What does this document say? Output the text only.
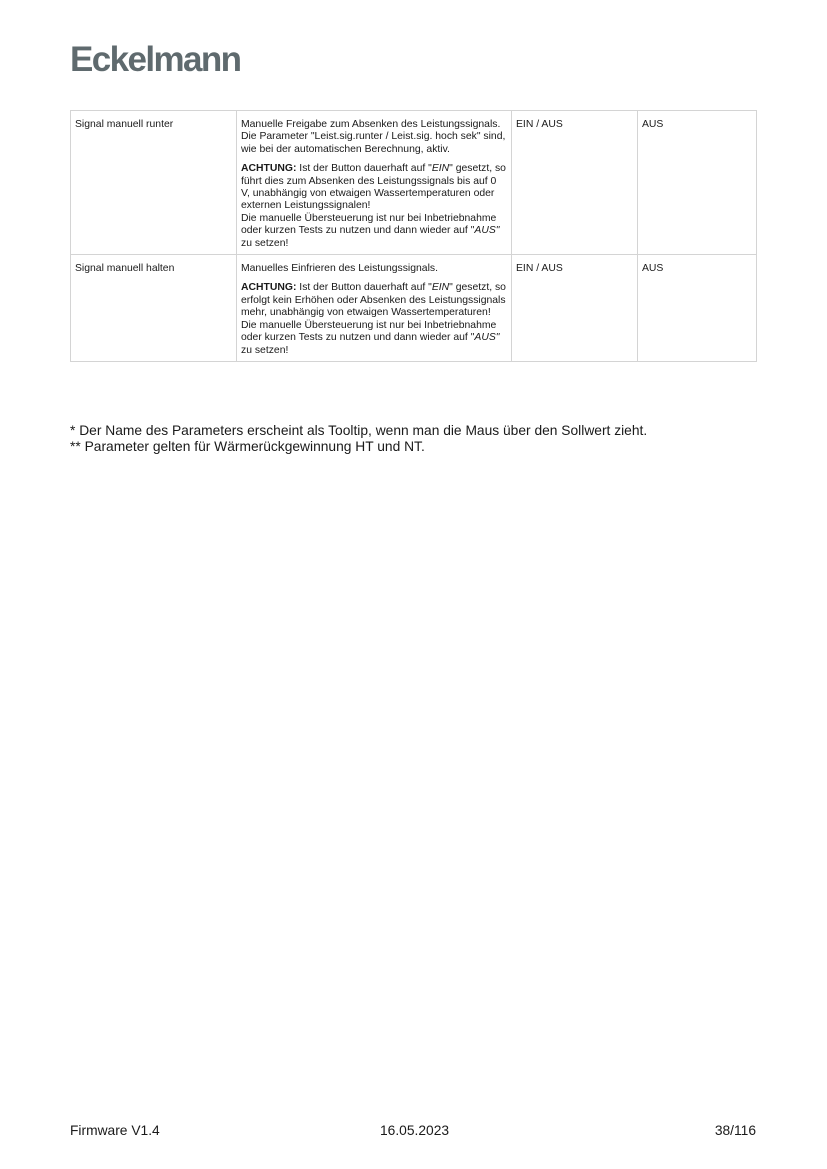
Eckelmann
Signal manuell runter	Manuelle Freigabe zum Absenken des Leistungssignals. Die Parameter "Leist.sig.runter / Leist.sig. hoch sek" sind, wie bei der automatischen Berechnung, aktiv.

ACHTUNG: Ist der Button dauerhaft auf "EIN" gesetzt, so führt dies zum Absenken des Leistungssignals bis auf 0 V, unabhängig von etwaigen Wassertemperaturen oder externen Leistungssignalen!
Die manuelle Übersteuerung ist nur bei Inbetriebnahme oder kurzen Tests zu nutzen und dann wieder auf "AUS" zu setzen!	EIN / AUS	AUS
Signal manuell halten	Manuelles Einfrieren des Leistungssignals.

ACHTUNG: Ist der Button dauerhaft auf "EIN" gesetzt, so erfolgt kein Erhöhen oder Absenken des Leistungssignals mehr, unabhängig von etwaigen Wassertemperaturen!
Die manuelle Übersteuerung ist nur bei Inbetriebnahme oder kurzen Tests zu nutzen und dann wieder auf "AUS" zu setzen!	EIN / AUS	AUS
* Der Name des Parameters erscheint als Tooltip, wenn man die Maus über den Sollwert zieht.
** Parameter gelten für Wärmerückgewinnung HT und NT.
Firmware V1.4	16.05.2023	38/116
